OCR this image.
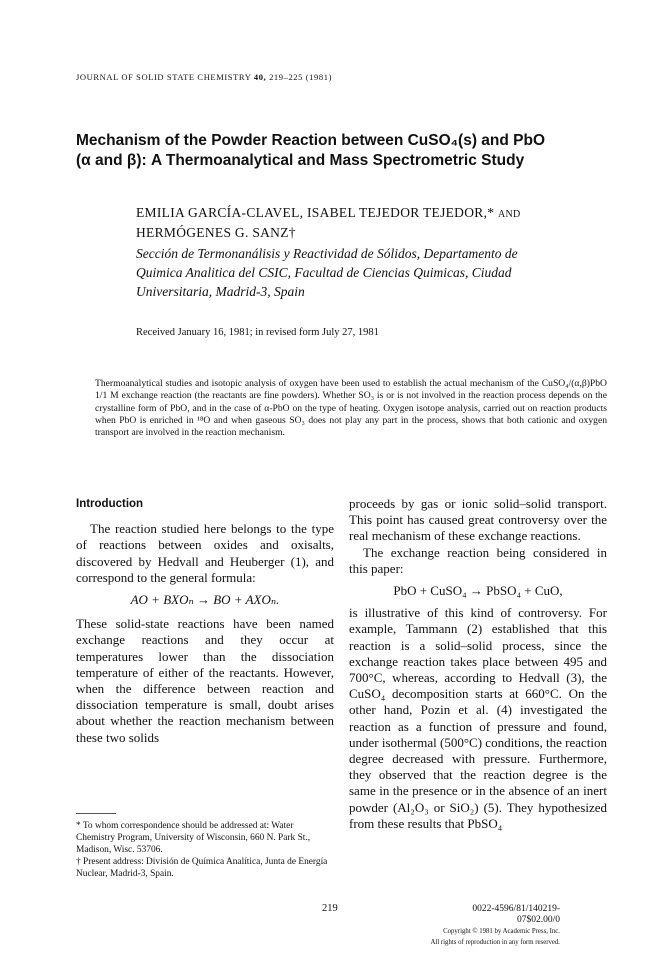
JOURNAL OF SOLID STATE CHEMISTRY 40, 219–225 (1981)
Mechanism of the Powder Reaction between CuSO₄(s) and PbO
(α and β): A Thermoanalytical and Mass Spectrometric Study
EMILIA GARCÍA-CLAVEL, ISABEL TEJEDOR TEJEDOR,* AND
HERMÓGENES G. SANZ†
Sección de Termonanálisis y Reactividad de Sólidos, Departamento de
Quimica Analitica del CSIC, Facultad de Ciencias Quimicas, Ciudad
Universitaria, Madrid-3, Spain
Received January 16, 1981; in revised form July 27, 1981
Thermoanalytical studies and isotopic analysis of oxygen have been used to establish the actual mechanism of the CuSO₄/(α,β)PbO 1/1 M exchange reaction (the reactants are fine powders). Whether SO₃ is or is not involved in the reaction process depends on the crystalline form of PbO, and in the case of α-PbO on the type of heating. Oxygen isotope analysis, carried out on reaction products when PbO is enriched in ¹⁸O and when gaseous SO₃ does not play any part in the process, shows that both cationic and oxygen transport are involved in the reaction mechanism.

Introduction

The reaction studied here belongs to the type of reactions between oxides and oxisalts, discovered by Hedvall and Heuberger (1), and correspond to the general formula:

AO + BXOₙ → BO + AXOₙ.

These solid-state reactions have been named exchange reactions and they occur at temperatures lower than the dissociation temperature of either of the reactants. However, when the difference between reaction and dissociation temperature is small, doubt arises about whether the reaction mechanism between these two solids

proceeds by gas or ionic solid–solid transport. This point has caused great controversy over the real mechanism of these exchange reactions.

The exchange reaction being considered in this paper:

PbO + CuSO₄ → PbSO₄ + CuO,

is illustrative of this kind of controversy. For example, Tammann (2) established that this reaction is a solid–solid process, since the exchange reaction takes place between 495 and 700°C, whereas, according to Hedvall (3), the CuSO₄ decomposition starts at 660°C. On the other hand, Pozin et al. (4) investigated the reaction as a function of pressure and found, under isothermal (500°C) conditions, the reaction degree decreased with pressure. Furthermore, they observed that the reaction degree is the same in the presence or in the absence of an inert powder (Al₂O₃ or SiO₂) (5). They hypothesized from these results that PbSO₄

* To whom correspondence should be addressed at: Water Chemistry Program, University of Wisconsin, 660 N. Park St., Madison, Wisc. 53706.

† Present address: División de Química Analítica, Junta de Energía Nuclear, Madrid-3, Spain.

219	0022-4596/81/140219-07$02.00/0
Copyright © 1981 by Academic Press, Inc.
All rights of reproduction in any form reserved.
